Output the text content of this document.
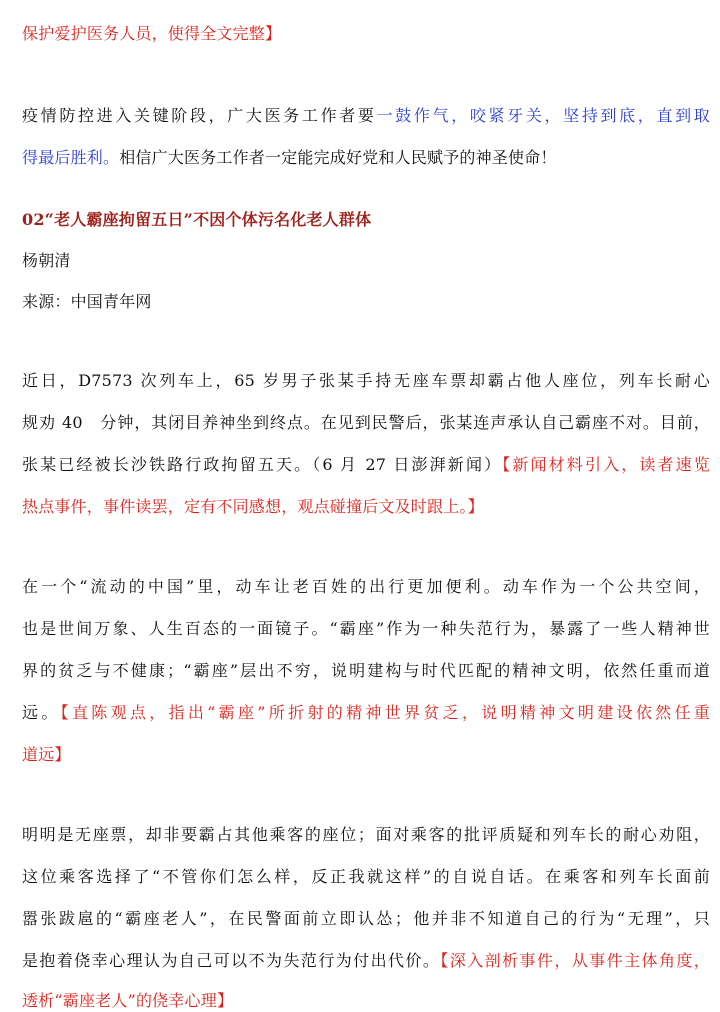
保护爱护医务人员，使得全文完整】
疫情防控进入关键阶段，广大医务工作者要一鼓作气，咬紧牙关，坚持到底，直到取
得最后胜利。相信广大医务工作者一定能完成好党和人民赋予的神圣使命！
02“老人霸座拘留五日”不因个体污名化老人群体
杨朝清
来源：中国青年网
近日，D7573 次列车上，65 岁男子张某手持无座车票却霸占他人座位，列车长耐心
规劝 40　分钟，其闭目养神坐到终点。在见到民警后，张某连声承认自己霸座不对。目前，
张某已经被长沙铁路行政拘留五天。（6 月 27 日澎湃新闻）【新闻材料引入，读者速览
热点事件，事件读罢，定有不同感想，观点碰撞后文及时跟上。】
在一个“流动的中国”里，动车让老百姓的出行更加便利。动车作为一个公共空间，
也是世间万象、人生百态的一面镜子。“霸座”作为一种失范行为，暴露了一些人精神世
界的贫乏与不健康；“霸座”层出不穷，说明建构与时代匹配的精神文明，依然任重而道
远。【直陈观点，指出“霸座”所折射的精神世界贫乏，说明精神文明建设依然任重
道远】
明明是无座票，却非要霸占其他乘客的座位；面对乘客的批评质疑和列车长的耐心劝阻，
这位乘客选择了“不管你们怎么样，反正我就这样”的自说自话。在乘客和列车长面前
嚣张跋扈的“霸座老人”，在民警面前立即认怂；他并非不知道自己的行为“无理”，只
是抱着侥幸心理认为自己可以不为失范行为付出代价。【深入剖析事件，从事件主体角度，
透析“霸座老人”的侥幸心理】
